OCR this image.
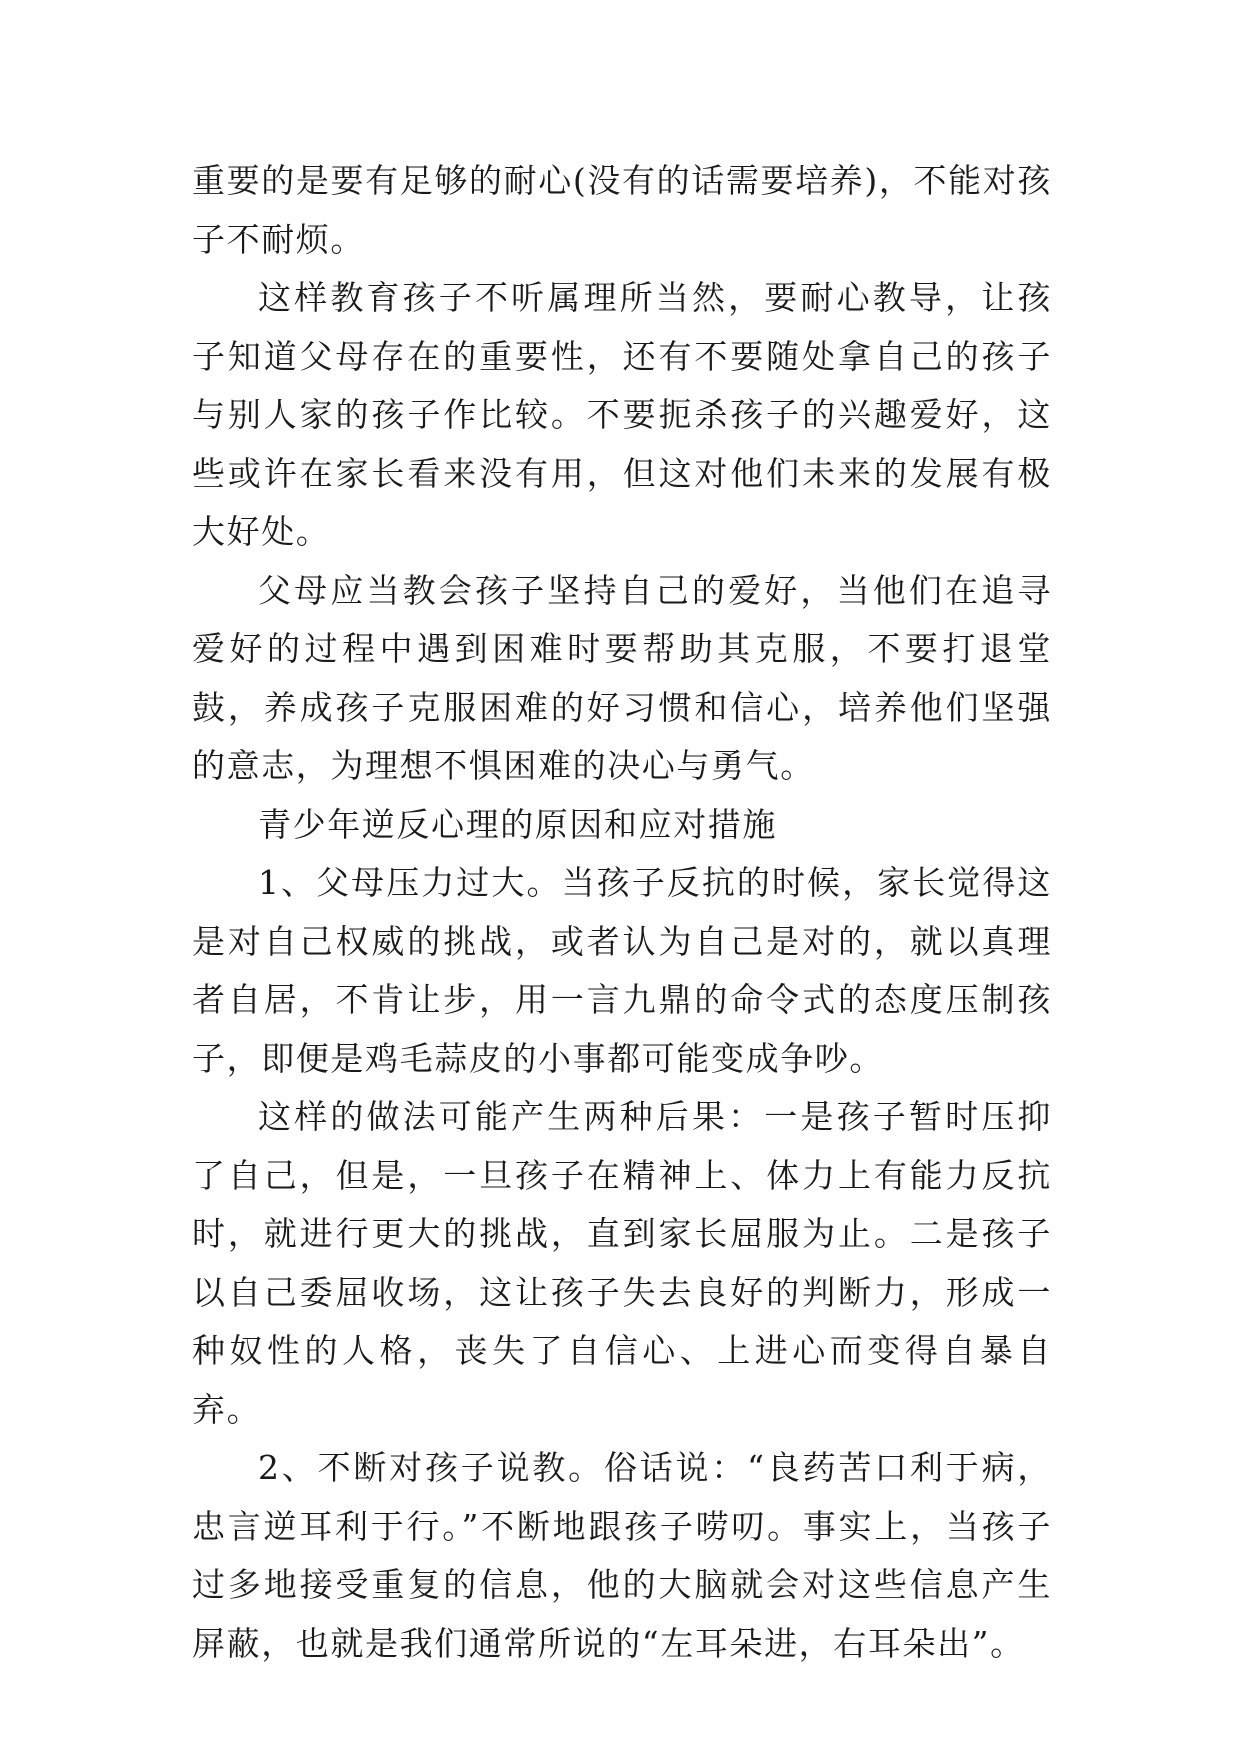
重要的是要有足够的耐心(没有的话需要培养)，不能对孩子不耐烦。

这样教育孩子不听属理所当然，要耐心教导，让孩子知道父母存在的重要性，还有不要随处拿自己的孩子与别人家的孩子作比较。不要扼杀孩子的兴趣爱好，这些或许在家长看来没有用，但这对他们未来的发展有极大好处。

父母应当教会孩子坚持自己的爱好，当他们在追寻爱好的过程中遇到困难时要帮助其克服，不要打退堂鼓，养成孩子克服困难的好习惯和信心，培养他们坚强的意志，为理想不惧困难的决心与勇气。

青少年逆反心理的原因和应对措施

1、父母压力过大。当孩子反抗的时候，家长觉得这是对自己权威的挑战，或者认为自己是对的，就以真理者自居，不肯让步，用一言九鼎的命令式的态度压制孩子，即便是鸡毛蒜皮的小事都可能变成争吵。

这样的做法可能产生两种后果：一是孩子暂时压抑了自己，但是，一旦孩子在精神上、体力上有能力反抗时，就进行更大的挑战，直到家长屈服为止。二是孩子以自己委屈收场，这让孩子失去良好的判断力，形成一种奴性的人格，丧失了自信心、上进心而变得自暴自弃。

2、不断对孩子说教。俗话说：“良药苦口利于病，忠言逆耳利于行。”不断地跟孩子唠叨。事实上，当孩子过多地接受重复的信息，他的大脑就会对这些信息产生屏蔽，也就是我们通常所说的“左耳朵进，右耳朵出”。
